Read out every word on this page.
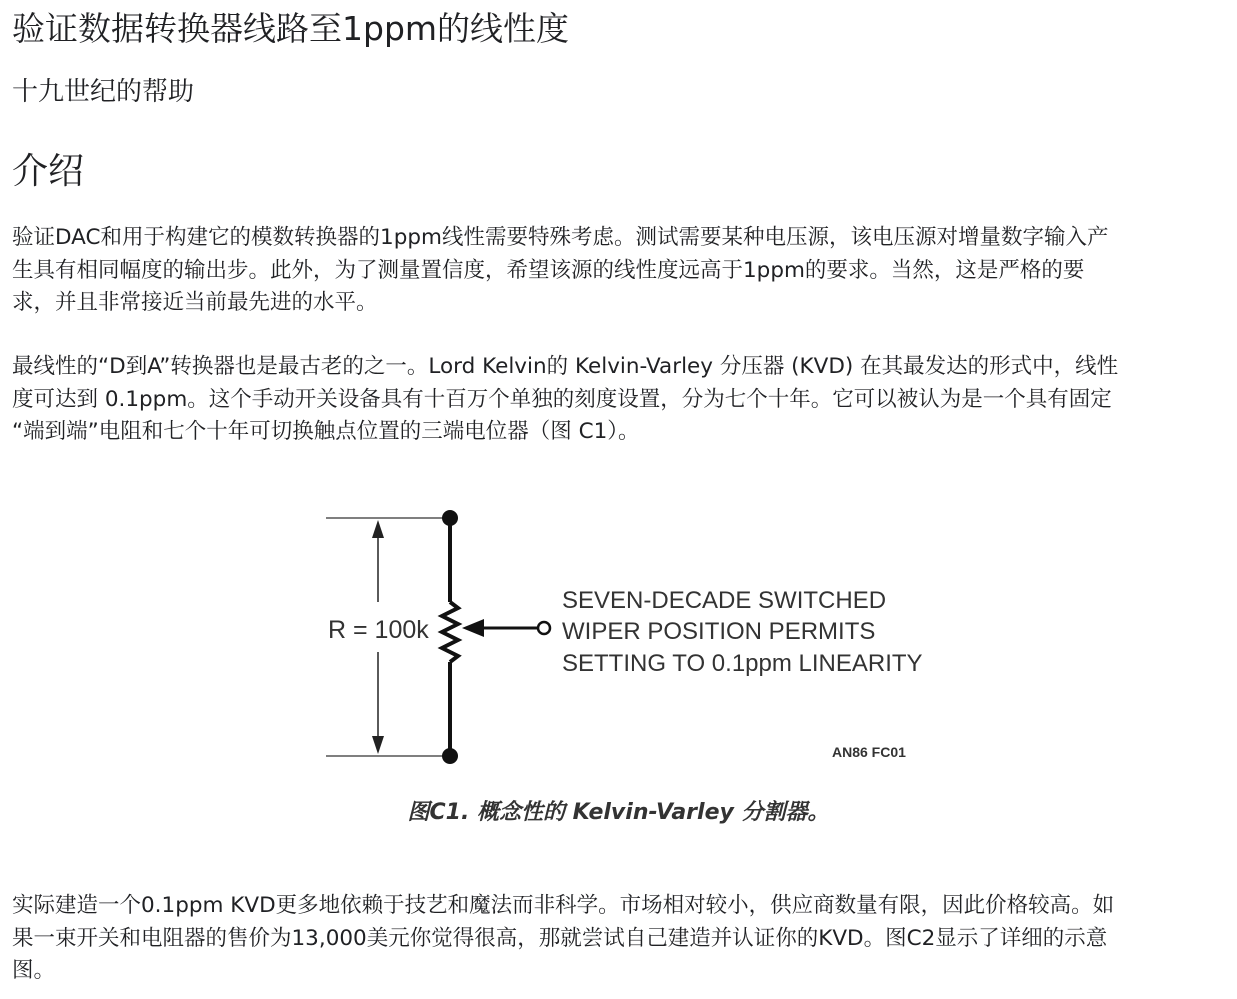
验证数据转换器线路至1ppm的线性度
十九世纪的帮助
介绍

验证DAC和用于构建它的模数转换器的1ppm线性需要特殊考虑。测试需要某种电压源，该电压源对增量数字输入产
生具有相同幅度的输出步。此外，为了测量置信度，希望该源的线性度远高于1ppm的要求。当然，这是严格的要
求，并且非常接近当前最先进的水平。

最线性的“D到A”转换器也是最古老的之一。Lord Kelvin的 Kelvin-Varley 分压器 (KVD) 在其最发达的形式中，线性
度可达到 0.1ppm。这个手动开关设备具有十百万个单独的刻度设置，分为七个十年。它可以被认为是一个具有固定
“端到端”电阻和七个十年可切换触点位置的三端电位器（图 C1）。

实际建造一个0.1ppm KVD更多地依赖于技艺和魔法而非科学。市场相对较小，供应商数量有限，因此价格较高。如
果一束开关和电阻器的售价为13,000美元你觉得很高，那就尝试自己建造并认证你的KVD。图C2显示了详细的示意
图。

R = 100k
SEVEN-DECADE SWITCHED
WIPER POSITION PERMITS
SETTING TO 0.1ppm LINEARITY
AN86 FC01

图C1. 概念性的 Kelvin-Varley 分割器。
